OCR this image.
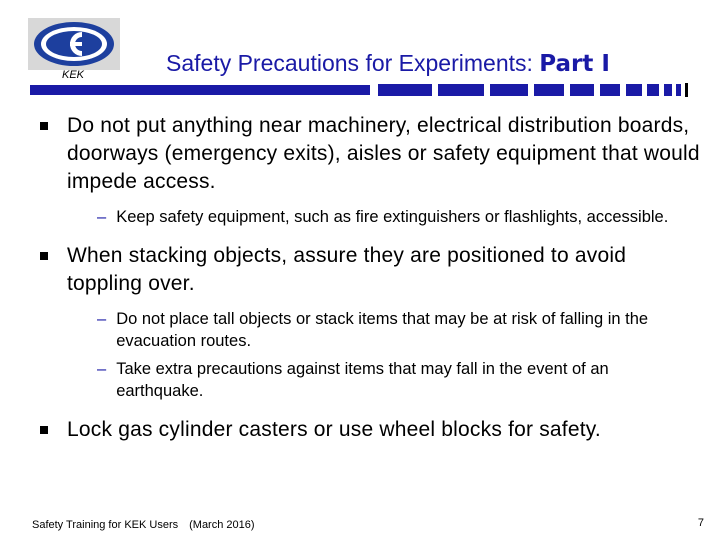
KEK	Safety Precautions for Experiments: Part Ⅰ
Do not put anything near machinery, electrical distribution boards, doorways (emergency exits), aisles or safety equipment that would impede access.
– Keep safety equipment, such as fire extinguishers or flashlights, accessible.
When stacking objects, assure they are positioned to avoid toppling over.
– Do not place tall objects or stack items that may be at risk of falling in the evacuation routes.
– Take extra precautions against items that may fall in the event of an earthquake.
Lock gas cylinder casters or use wheel blocks for safety.
Safety Training for KEK Users　(March 2016)	7
